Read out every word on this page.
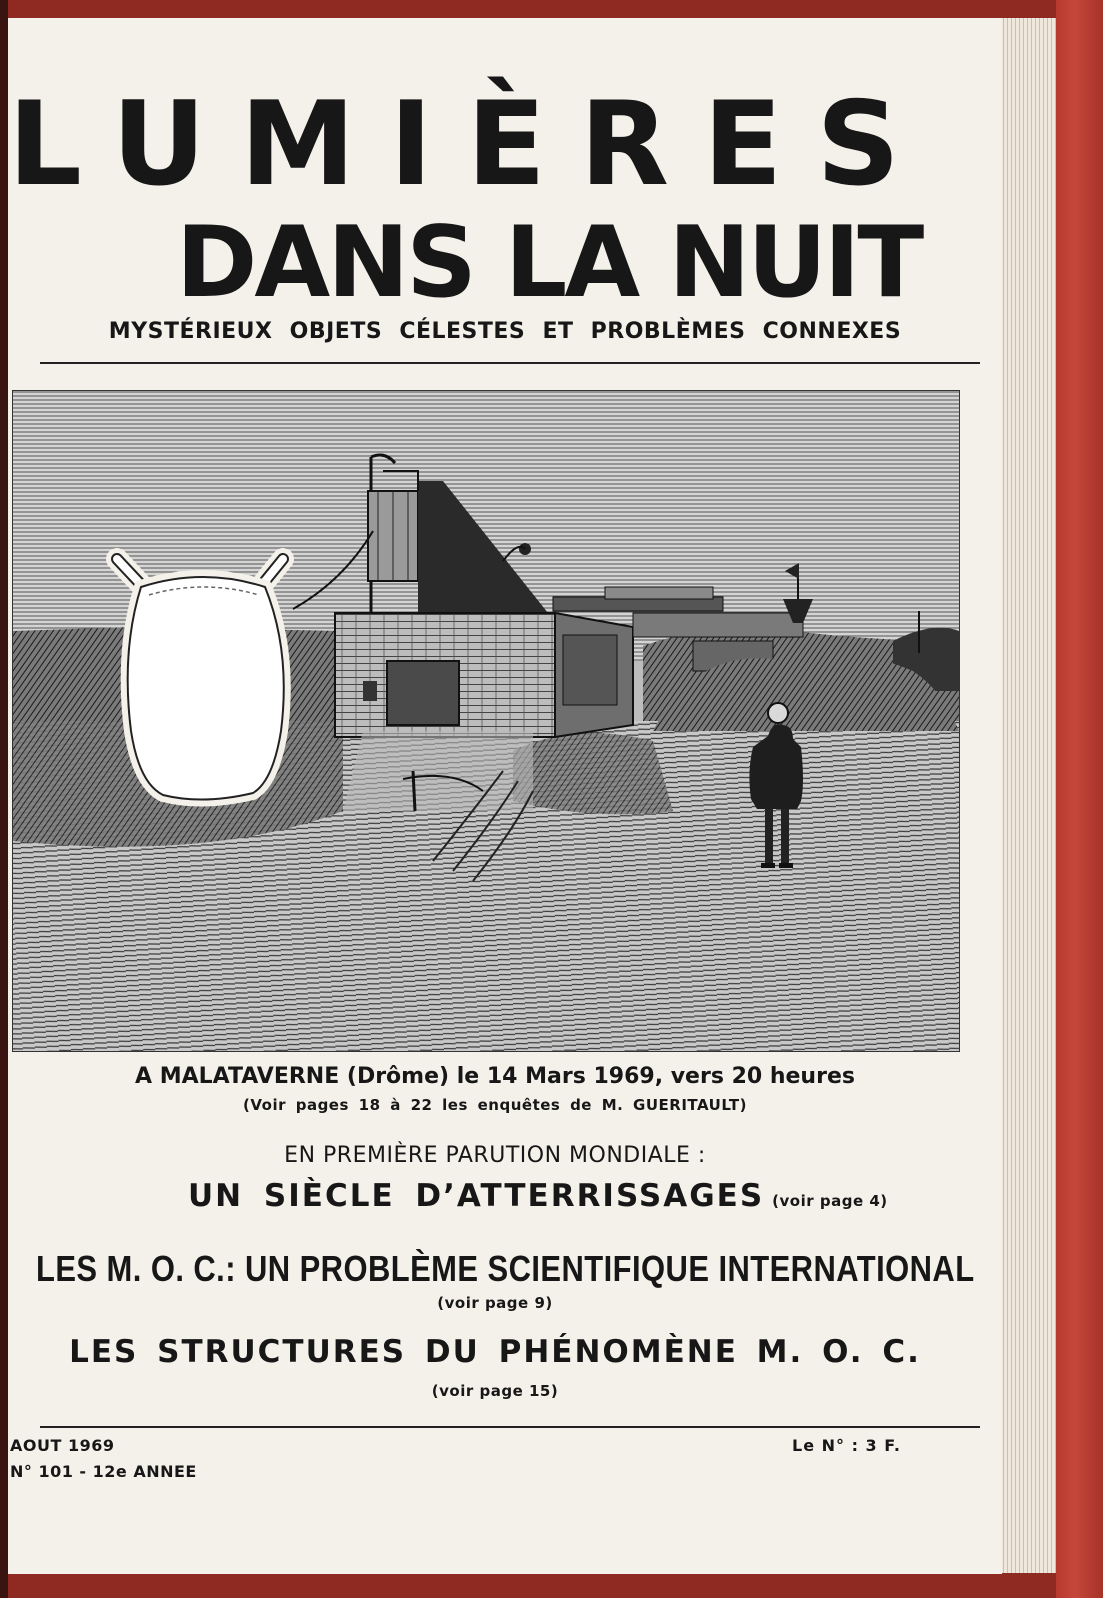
LUMIÈRES
DANS LA NUIT
MYSTÉRIEUX OBJETS CÉLESTES ET PROBLÈMES CONNEXES
A MALATAVERNE (Drôme) le 14 Mars 1969, vers 20 heures
(Voir pages 18 à 22 les enquêtes de M. GUERITAULT)
EN PREMIÈRE PARUTION MONDIALE :
UN SIÈCLE D’ATTERRISSAGES (voir page 4)
LES M. O. C.: UN PROBLÈME SCIENTIFIQUE INTERNATIONAL
(voir page 9)
LES STRUCTURES DU PHÉNOMÈNE M. O. C.
(voir page 15)
AOUT 1969
N° 101 - 12e ANNEE
Le N° : 3 F.
